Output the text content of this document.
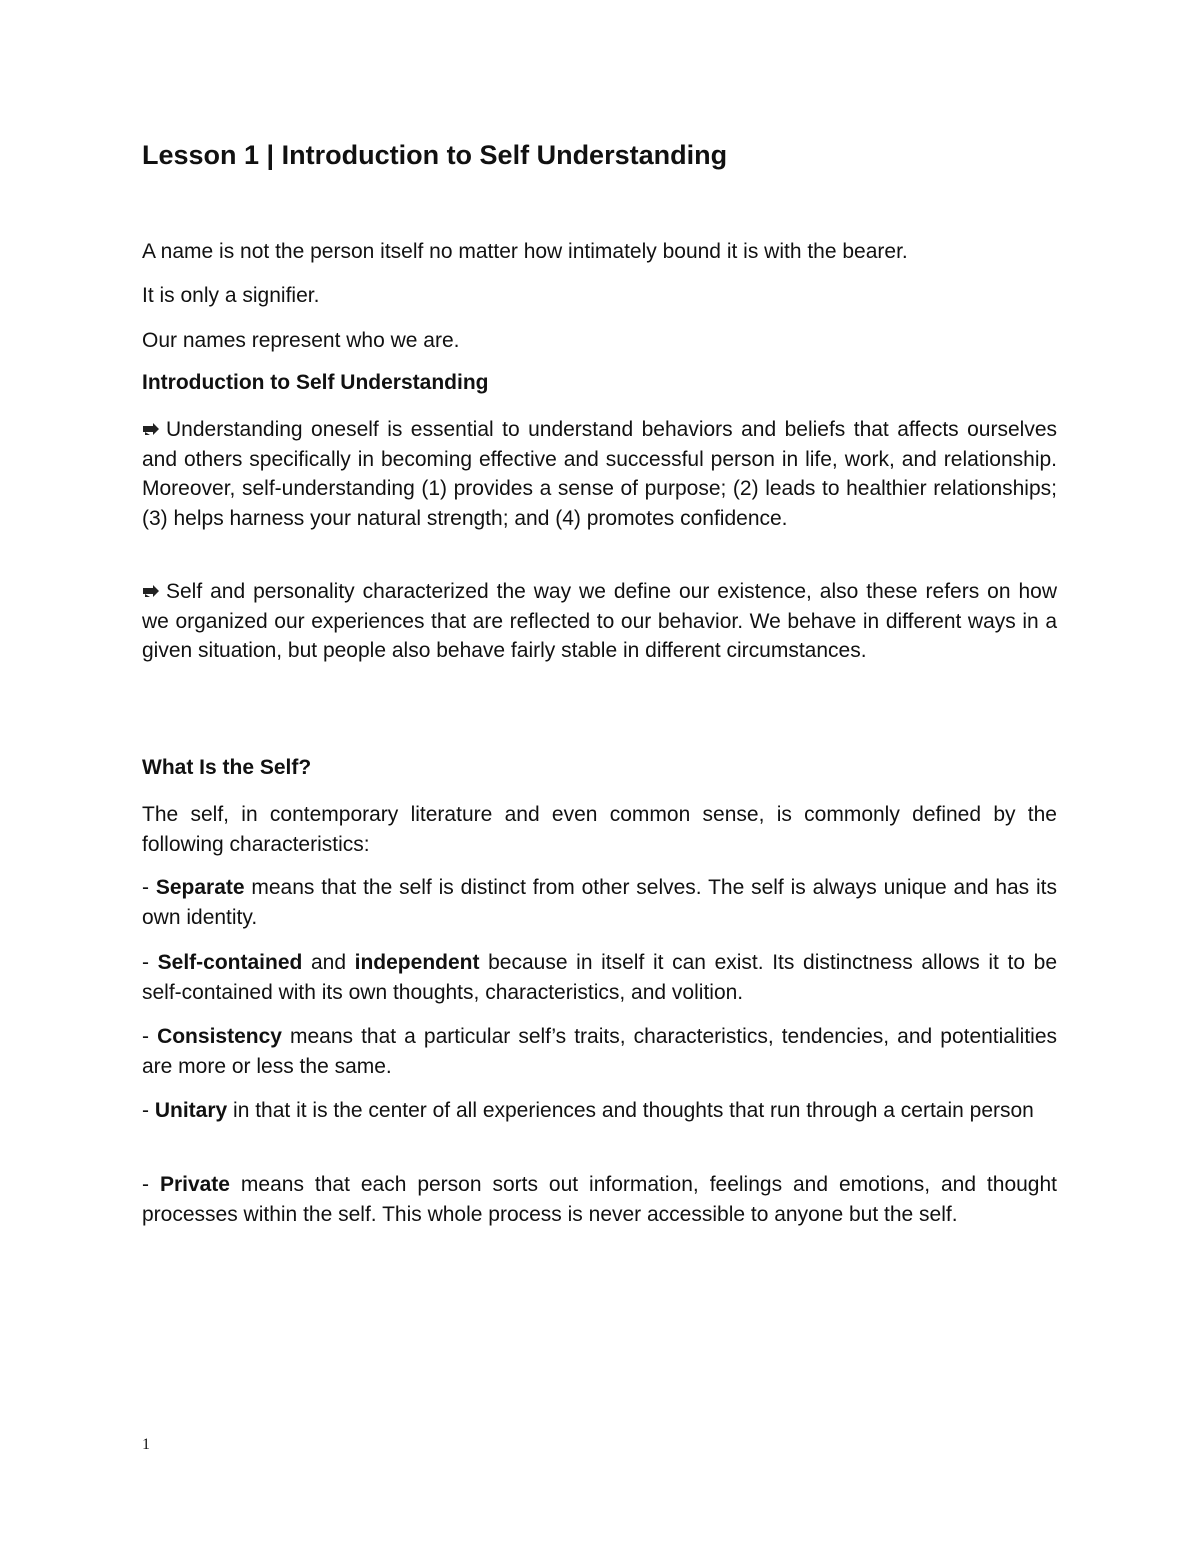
Lesson 1 | Introduction to Self Understanding

A name is not the person itself no matter how intimately bound it is with the bearer.

It is only a signifier.

Our names represent who we are.

Introduction to Self Understanding

Understanding oneself is essential to understand behaviors and beliefs that affects ourselves and others specifically in becoming effective and successful person in life, work, and relationship. Moreover, self-understanding (1) provides a sense of purpose; (2) leads to healthier relationships; (3) helps harness your natural strength; and (4) promotes confidence.

Self and personality characterized the way we define our existence, also these refers on how we organized our experiences that are reflected to our behavior. We behave in different ways in a given situation, but people also behave fairly stable in different circumstances.

What Is the Self?

The self, in contemporary literature and even common sense, is commonly defined by the following characteristics:

- Separate means that the self is distinct from other selves. The self is always unique and has its own identity.

- Self-contained and independent because in itself it can exist. Its distinctness allows it to be self-contained with its own thoughts, characteristics, and volition.

- Consistency means that a particular self’s traits, characteristics, tendencies, and potentialities are more or less the same.

- Unitary in that it is the center of all experiences and thoughts that run through a certain person

- Private means that each person sorts out information, feelings and emotions, and thought processes within the self. This whole process is never accessible to anyone but the self.

1
